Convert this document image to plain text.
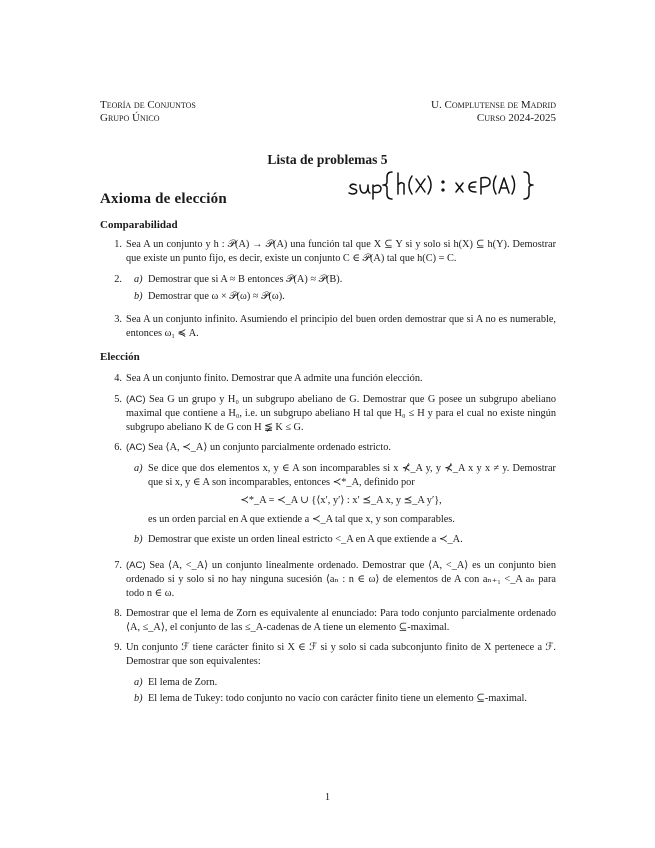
Teoría de Conjuntos
Grupo Único
U. Complutense de Madrid
Curso 2024-2025
Lista de problemas 5
Axioma de elección
Comparabilidad
1. Sea A un conjunto y h : 𝒫(A) → 𝒫(A) una función tal que X ⊆ Y si y solo si h(X) ⊆ h(Y). Demostrar que existe un punto fijo, es decir, existe un conjunto C ∈ 𝒫(A) tal que h(C) = C.
2. a) Demostrar que si A ≈ B entonces 𝒫(A) ≈ 𝒫(B).
b) Demostrar que ω × 𝒫(ω) ≈ 𝒫(ω).
3. Sea A un conjunto infinito. Asumiendo el principio del buen orden demostrar que si A no es numerable, entonces ω₁ ≼ A.
Elección
4. Sea A un conjunto finito. Demostrar que A admite una función elección.
5. (AC) Sea G un grupo y H₀ un subgrupo abeliano de G. Demostrar que G posee un subgrupo abeliano maximal que contiene a H₀, i.e. un subgrupo abeliano H tal que H₀ ≤ H y para el cual no existe ningún subgrupo abeliano K de G con H ≨ K ≤ G.
6. (AC) Sea ⟨A, ≺_A⟩ un conjunto parcialmente ordenado estricto.
a) Se dice que dos elementos x, y ∈ A son incomparables si x ⊀_A y, y ⊀_A x y x ≠ y. Demostrar que si x, y ∈ A son incomparables, entonces ≺*_A, definido por
≺*_A = ≺_A ∪ {⟨x′, y′⟩ : x′ ⪯_A x, y ⪯_A y′},
es un orden parcial en A que extiende a ≺_A tal que x, y son comparables.
b) Demostrar que existe un orden lineal estricto <_A en A que extiende a ≺_A.
7. (AC) Sea ⟨A, <_A⟩ un conjunto linealmente ordenado. Demostrar que ⟨A, <_A⟩ es un conjunto bien ordenado si y solo si no hay ninguna sucesión ⟨aₙ : n ∈ ω⟩ de elementos de A con aₙ₊₁ <_A aₙ para todo n ∈ ω.
8. Demostrar que el lema de Zorn es equivalente al enunciado: Para todo conjunto parcialmente ordenado ⟨A, ≤_A⟩, el conjunto de las ≤_A-cadenas de A tiene un elemento ⊆-maximal.
9. Un conjunto ℱ tiene carácter finito si X ∈ ℱ si y solo si cada subconjunto finito de X pertenece a ℱ. Demostrar que son equivalentes:
a) El lema de Zorn.
b) El lema de Tukey: todo conjunto no vacío con carácter finito tiene un elemento ⊆-maximal.
1
